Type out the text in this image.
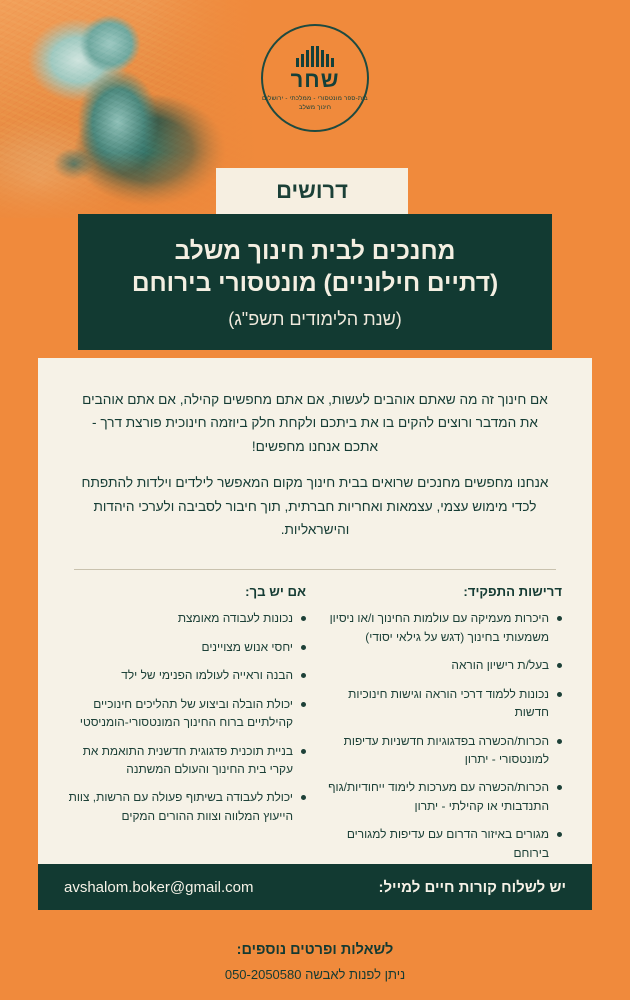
שחר
בית-ספר מונטסורי - ממלכתי - ירושלים
חינוך משלב
דרושים
מחנכים לבית חינוך משלב
(דתיים חילוניים) מונטסורי בירוחם
(שנת הלימודים תשפ"ג)

אם חינוך זה מה שאתם אוהבים לעשות, אם אתם מחפשים קהילה, אם אתם אוהבים את המדבר ורוצים להקים בו את ביתכם ולקחת חלק ביוזמה חינוכית פורצת דרך - אתכם אנחנו מחפשים!

אנחנו מחפשים מחנכים שרואים בבית חינוך מקום המאפשר לילדים וילדות להתפתח לכדי מימוש עצמי, עצמאות ואחריות חברתית, תוך חיבור לסביבה ולערכי היהדות והישראליות.

דרישות התפקיד:
היכרות מעמיקה עם עולמות החינוך ו/או ניסיון משמעותי בחינוך (דגש על גילאי יסודי)
בעל/ת רישיון הוראה
נכונות ללמוד דרכי הוראה וגישות חינוכיות חדשות
הכרות/הכשרה בפדגוגיות חדשניות עדיפות למונטסורי - יתרון
הכרות/הכשרה עם מערכות לימוד ייחודיות/גוף התנדבותי או קהילתי - יתרון
מגורים באיזור הדרום עם עדיפות למגורים בירוחם
אם יש בך:
נכונות לעבודה מאומצת
יחסי אנוש מצויינים
הבנה וראייה לעולמו הפנימי של ילד
יכולת הובלה וביצוע של תהליכים חינוכיים קהילתיים ברוח החינוך המונטסורי-הומניסטי
בניית תוכנית פדגוגית חדשנית התואמת את עקרי בית החינוך והעולם המשתנה
יכולת לעבודה בשיתוף פעולה עם הרשות, צוות הייעוץ המלווה וצוות ההורים המקים
יש לשלוח קורות חיים למייל:
avshalom.boker@gmail.com
לשאלות ופרטים נוספים:
ניתן לפנות לאבשה 050-2050580
